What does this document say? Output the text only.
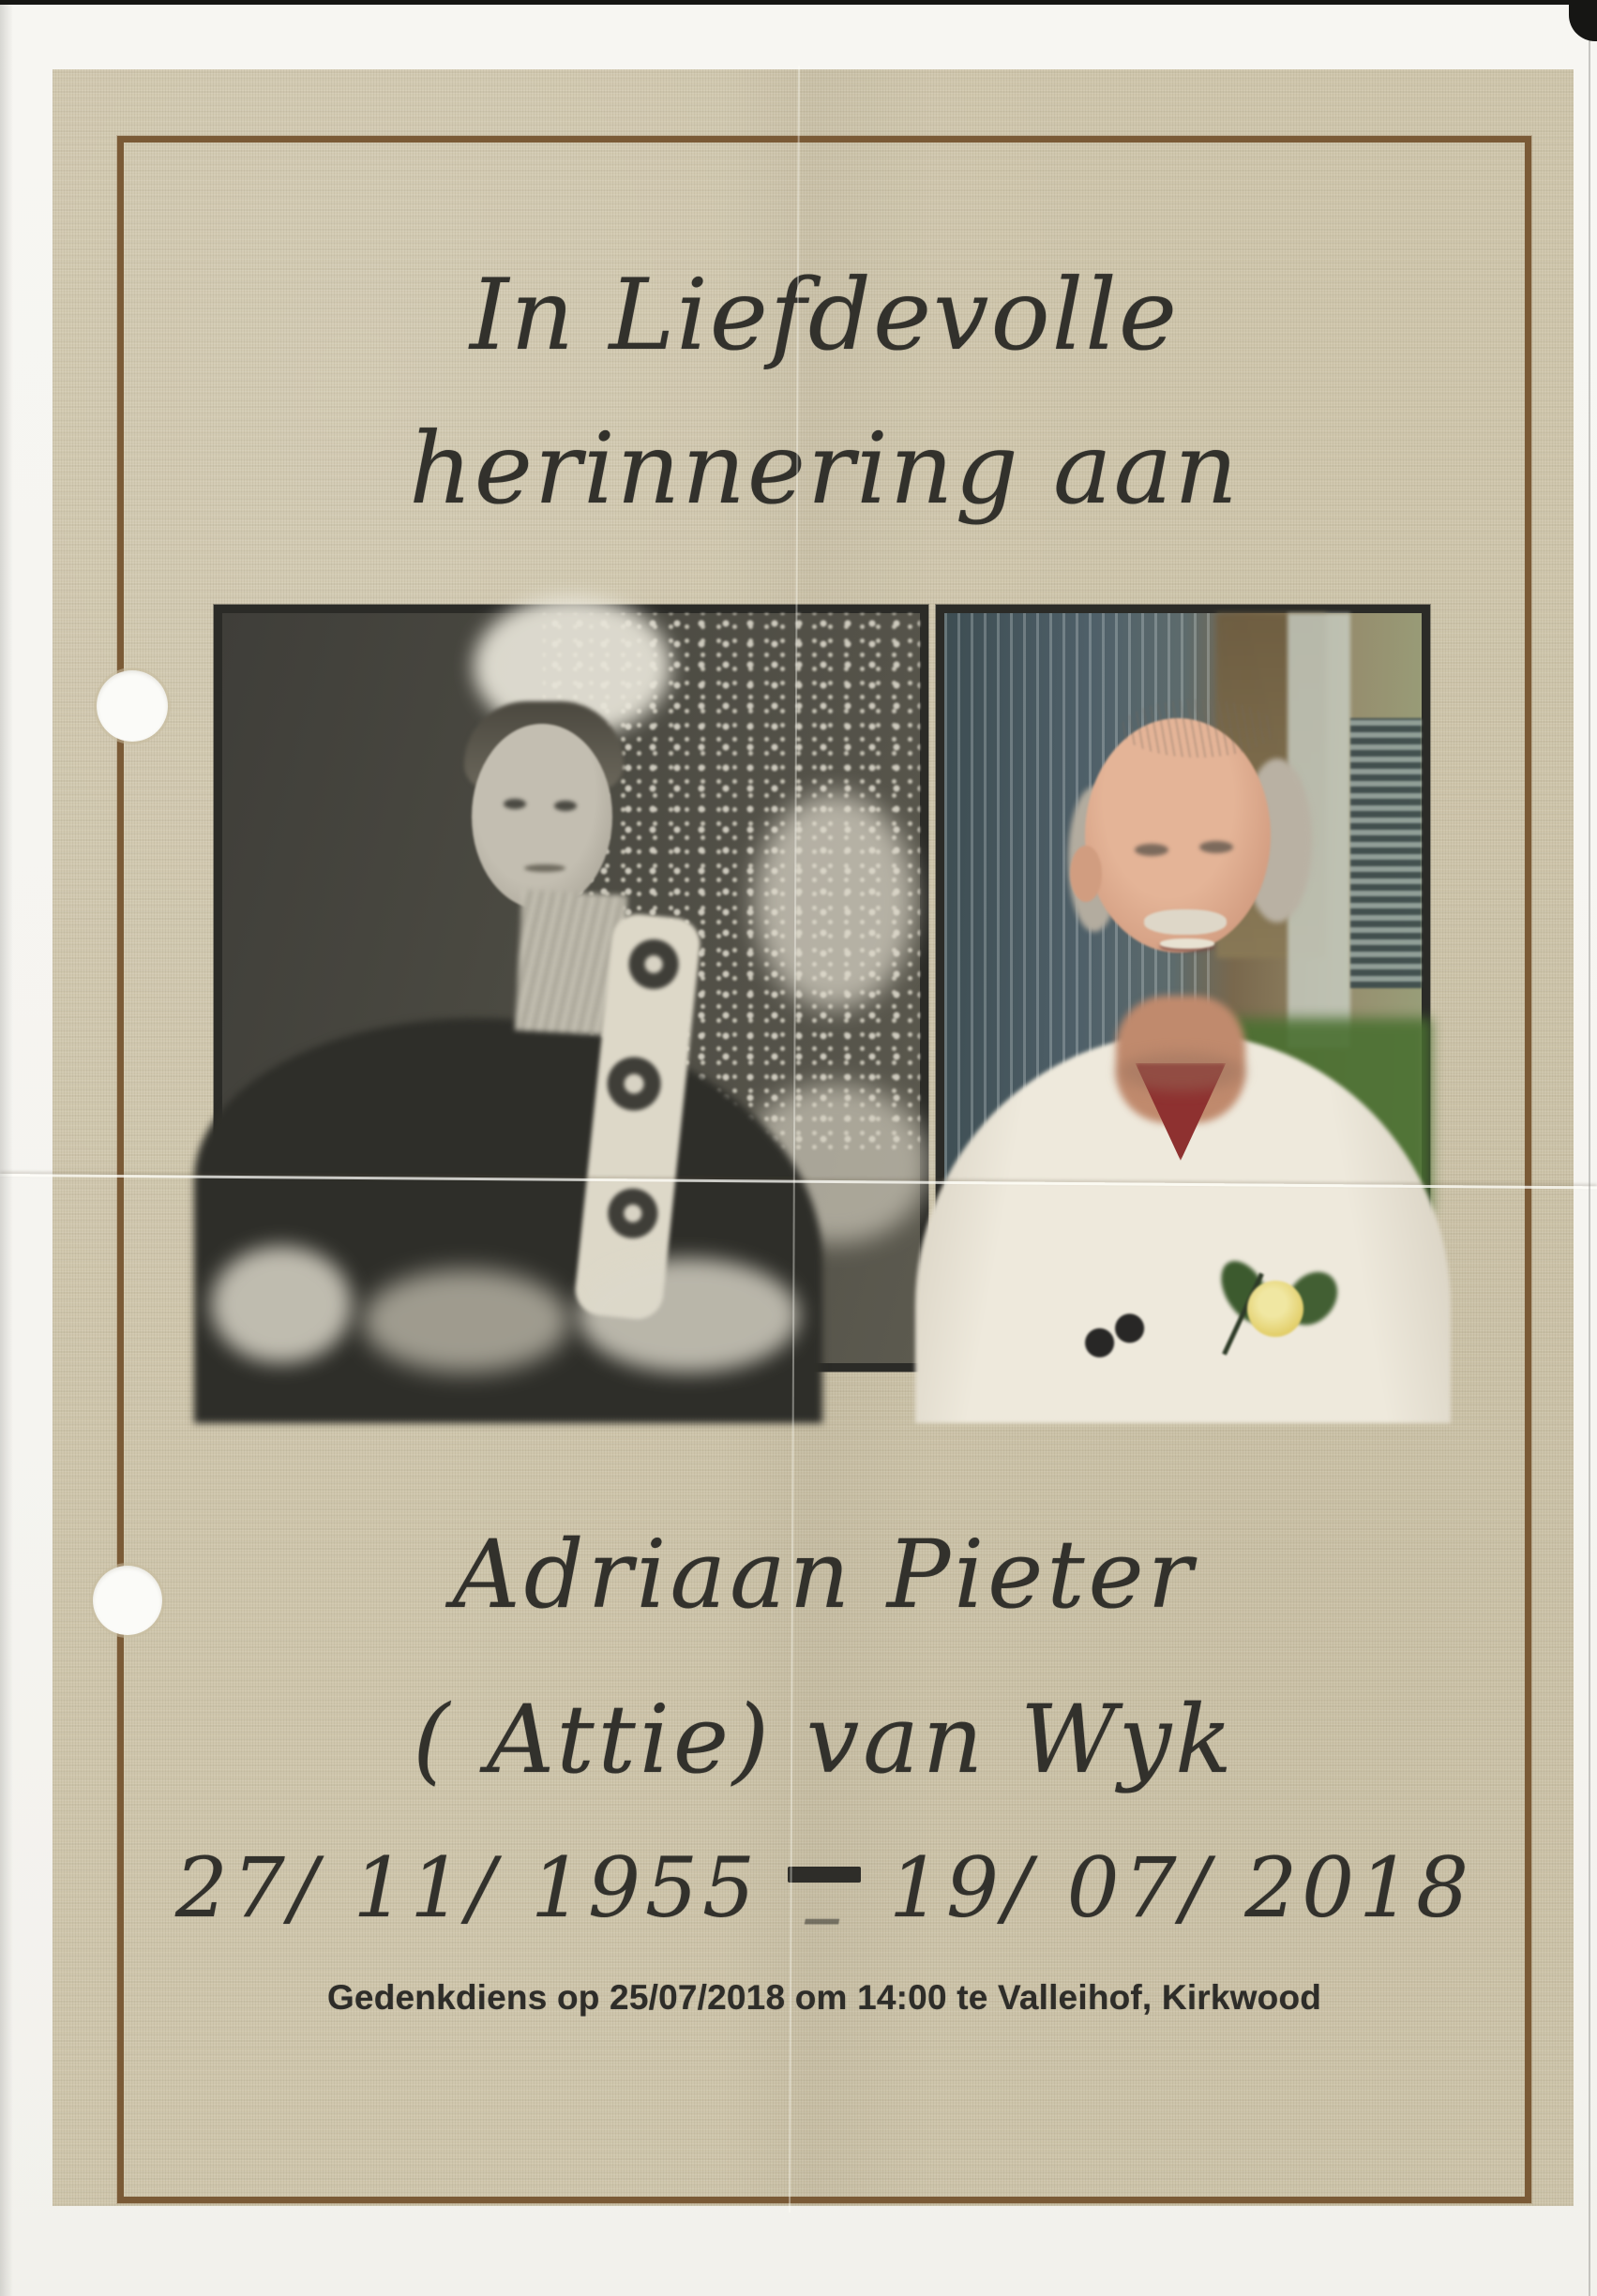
In Liefdevolle
herinnering aan
Adriaan Pieter
( Attie) van Wyk
27/ 11/ 1955 – 19/ 07/ 2018
Gedenkdiens op 25/07/2018 om 14:00 te Valleihof, Kirkwood
